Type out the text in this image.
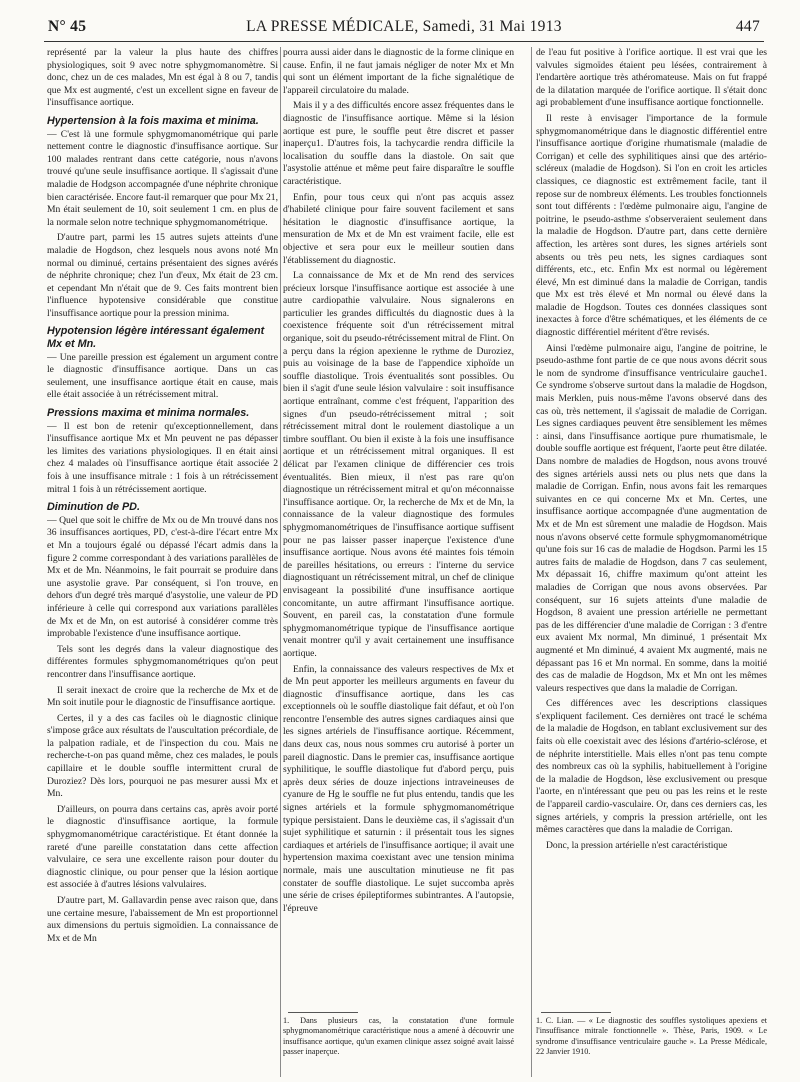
N° 45	LA PRESSE MÉDICALE, Samedi, 31 Mai 1913	447

représenté par la valeur la plus haute des chiffres physiologiques, soit 9 avec notre sphygmomanomètre. Si donc, chez un de ces malades, Mn est égal à 8 ou 7, tandis que Mx est augmenté, c'est un excellent signe en faveur de l'insuffisance aortique.

Hypertension à la fois maxima et minima.

— C'est là une formule sphygmomanométrique qui parle nettement contre le diagnostic d'insuffisance aortique. Sur 100 malades rentrant dans cette catégorie, nous n'avons trouvé qu'une seule insuffisance aortique. Il s'agissait d'une maladie de Hodgson accompagnée d'une néphrite chronique bien caractérisée. Encore faut-il remarquer que pour Mx 21, Mn était seulement de 10, soit seulement 1 cm. en plus de la normale selon notre technique sphygmomanométrique.

D'autre part, parmi les 15 autres sujets atteints d'une maladie de Hogdson, chez lesquels nous avons noté Mn normal ou diminué, certains présentaient des signes avérés de néphrite chronique; chez l'un d'eux, Mx était de 23 cm. et cependant Mn n'était que de 9. Ces faits montrent bien l'influence hypotensive considérable que constitue l'insuffisance aortique pour la pression minima.

Hypotension légère intéressant également Mx et Mn.

— Une pareille pression est également un argument contre le diagnostic d'insuffisance aortique. Dans un cas seulement, une insuffisance aortique était en cause, mais elle était associée à un rétrécissement mitral.

Pressions maxima et minima normales.

— Il est bon de retenir qu'exceptionnellement, dans l'insuffisance aortique Mx et Mn peuvent ne pas dépasser les limites des variations physiologiques. Il en était ainsi chez 4 malades où l'insuffisance aortique était associée 2 fois à une insuffisance mitrale : 1 fois à un rétrécissement mitral 1 fois à un rétrécissement aortique.

Diminution de PD.

— Quel que soit le chiffre de Mx ou de Mn trouvé dans nos 36 insuffisances aortiques, PD, c'est-à-dire l'écart entre Mx et Mn a toujours égalé ou dépassé l'écart admis dans la figure 2 comme correspondant à des variations parallèles de Mx et de Mn. Néanmoins, le fait pourrait se produire dans une asystolie grave. Par conséquent, si l'on trouve, en dehors d'un degré très marqué d'asystolie, une valeur de PD inférieure à celle qui correspond aux variations parallèles de Mx et de Mn, on est autorisé à considérer comme très improbable l'existence d'une insuffisance aortique.

Tels sont les degrés dans la valeur diagnostique des différentes formules sphygmomanométriques qu'on peut rencontrer dans l'insuffisance aortique.

Il serait inexact de croire que la recherche de Mx et de Mn soit inutile pour le diagnostic de l'insuffisance aortique.

Certes, il y a des cas faciles où le diagnostic clinique s'impose grâce aux résultats de l'auscultation précordiale, de la palpation radiale, et de l'inspection du cou. Mais ne recherche-t-on pas quand même, chez ces malades, le pouls capillaire et le double souffle intermittent crural de Duroziez? Dès lors, pourquoi ne pas mesurer aussi Mx et Mn.

D'ailleurs, on pourra dans certains cas, après avoir porté le diagnostic d'insuffisance aortique, la formule sphygmomanométrique caractéristique. Et étant donnée la rareté d'une pareille constatation dans cette affection valvulaire, ce sera une excellente raison pour douter du diagnostic clinique, ou pour penser que la lésion aortique est associée à d'autres lésions valvulaires.

D'autre part, M. Gallavardin pense avec raison que, dans une certaine mesure, l'abaissement de Mn est proportionnel aux dimensions du pertuis sigmoïdien. La connaissance de Mx et de Mn

pourra aussi aider dans le diagnostic de la forme clinique en cause. Enfin, il ne faut jamais négliger de noter Mx et Mn qui sont un élément important de la fiche signalétique de l'appareil circulatoire du malade.

Mais il y a des difficultés encore assez fréquentes dans le diagnostic de l'insuffisance aortique. Même si la lésion aortique est pure, le souffle peut être discret et passer inaperçu1. D'autres fois, la tachycardie rendra difficile la localisation du souffle dans la diastole. On sait que l'asystolie atténue et même peut faire disparaître le souffle caractéristique.

Enfin, pour tous ceux qui n'ont pas acquis assez d'habileté clinique pour faire souvent facilement et sans hésitation le diagnostic d'insuffisance aortique, la mensuration de Mx et de Mn est vraiment facile, elle est objective et sera pour eux le meilleur soutien dans l'établissement du diagnostic.

La connaissance de Mx et de Mn rend des services précieux lorsque l'insuffisance aortique est associée à une autre cardiopathie valvulaire. Nous signalerons en particulier les grandes difficultés du diagnostic dues à la coexistence fréquente soit d'un rétrécissement mitral organique, soit du pseudo-rétrécissement mitral de Flint. On a perçu dans la région apexienne le rythme de Duroziez, puis au voisinage de la base de l'appendice xiphoïde un souffle diastolique. Trois éventualités sont possibles. Ou bien il s'agit d'une seule lésion valvulaire : soit insuffisance aortique entraînant, comme c'est fréquent, l'apparition des signes d'un pseudo-rétrécissement mitral ; soit rétrécissement mitral dont le roulement diastolique a un timbre soufflant. Ou bien il existe à la fois une insuffisance aortique et un rétrécissement mitral organiques. Il est délicat par l'examen clinique de différencier ces trois éventualités. Bien mieux, il n'est pas rare qu'on diagnostique un rétrécissement mitral et qu'on méconnaisse l'insuffisance aortique. Or, la recherche de Mx et de Mn, la connaissance de la valeur diagnostique des formules sphygmomanométriques de l'insuffisance aortique suffisent pour ne pas laisser passer inaperçue l'existence d'une insuffisance aortique. Nous avons été maintes fois témoin de pareilles hésitations, ou erreurs : l'interne du service diagnostiquant un rétrécissement mitral, un chef de clinique envisageant la possibilité d'une insuffisance aortique concomitante, un autre affirmant l'insuffisance aortique. Souvent, en pareil cas, la constatation d'une formule sphygmomanométrique typique de l'insuffisance aortique venait montrer qu'il y avait certainement une insuffisance aortique.

Enfin, la connaissance des valeurs respectives de Mx et de Mn peut apporter les meilleurs arguments en faveur du diagnostic d'insuffisance aortique, dans les cas exceptionnels où le souffle diastolique fait défaut, et où l'on rencontre l'ensemble des autres signes cardiaques ainsi que les signes artériels de l'insuffisance aortique. Récemment, dans deux cas, nous nous sommes cru autorisé à porter un pareil diagnostic. Dans le premier cas, insuffisance aortique syphilitique, le souffle diastolique fut d'abord perçu, puis après deux séries de douze injections intraveineuses de cyanure de Hg le souffle ne fut plus entendu, tandis que les signes artériels et la formule sphygmomanométrique typique persistaient. Dans le deuxième cas, il s'agissait d'un sujet syphilitique et saturnin : il présentait tous les signes cardiaques et artériels de l'insuffisance aortique; il avait une hypertension maxima coexistant avec une tension minima normale, mais une auscultation minutieuse ne fit pas constater de souffle diastolique. Le sujet succomba après une série de crises épileptiformes subintrantes. A l'autopsie, l'épreuve

de l'eau fut positive à l'orifice aortique. Il est vrai que les valvules sigmoïdes étaient peu lésées, contrairement à l'endartère aortique très athéromateuse. Mais on fut frappé de la dilatation marquée de l'orifice aortique. Il s'était donc agi probablement d'une insuffisance aortique fonctionnelle.

Il reste à envisager l'importance de la formule sphygmomanométrique dans le diagnostic différentiel entre l'insuffisance aortique d'origine rhumatismale (maladie de Corrigan) et celle des syphilitiques ainsi que des artério-scléreux (maladie de Hogdson). Si l'on en croit les articles classiques, ce diagnostic est extrêmement facile, tant il repose sur de nombreux éléments. Les troubles fonctionnels sont tout différents : l'œdème pulmonaire aigu, l'angine de poitrine, le pseudo-asthme s'observeraient seulement dans la maladie de Hogdson. D'autre part, dans cette dernière affection, les artères sont dures, les signes artériels sont absents ou très peu nets, les signes cardiaques sont différents, etc., etc. Enfin Mx est normal ou légèrement élevé, Mn est diminué dans la maladie de Corrigan, tandis que Mx est très élevé et Mn normal ou élevé dans la maladie de Hogdson. Toutes ces données classiques sont inexactes à force d'être schématiques, et les éléments de ce diagnostic différentiel méritent d'être revisés.

Ainsi l'œdème pulmonaire aigu, l'angine de poitrine, le pseudo-asthme font partie de ce que nous avons décrit sous le nom de syndrome d'insuffisance ventriculaire gauche1. Ce syndrome s'observe surtout dans la maladie de Hogdson, mais Merklen, puis nous-même l'avons observé dans des cas où, très nettement, il s'agissait de maladie de Corrigan. Les signes cardiaques peuvent être sensiblement les mêmes : ainsi, dans l'insuffisance aortique pure rhumatismale, le double souffle aortique est fréquent, l'aorte peut être dilatée. Dans nombre de maladies de Hogdson, nous avons trouvé des signes artériels aussi nets ou plus nets que dans la maladie de Corrigan. Enfin, nous avons fait les remarques suivantes en ce qui concerne Mx et Mn. Certes, une insuffisance aortique accompagnée d'une augmentation de Mx et de Mn est sûrement une maladie de Hogdson. Mais nous n'avons observé cette formule sphygmomanométrique qu'une fois sur 16 cas de maladie de Hogdson. Parmi les 15 autres faits de maladie de Hogdson, dans 7 cas seulement, Mx dépassait 16, chiffre maximum qu'ont atteint les maladies de Corrigan que nous avons observées. Par conséquent, sur 16 sujets atteints d'une maladie de Hogdson, 8 avaient une pression artérielle ne permettant pas de les différencier d'une maladie de Corrigan : 3 d'entre eux avaient Mx normal, Mn diminué, 1 présentait Mx augmenté et Mn diminué, 4 avaient Mx augmenté, mais ne dépassant pas 16 et Mn normal. En somme, dans la moitié des cas de maladie de Hogdson, Mx et Mn ont les mêmes valeurs respectives que dans la maladie de Corrigan.

Ces différences avec les descriptions classiques s'expliquent facilement. Ces dernières ont tracé le schéma de la maladie de Hogdson, en tablant exclusivement sur des faits où elle coexistait avec des lésions d'artério-sclérose, et de néphrite interstitielle. Mais elles n'ont pas tenu compte des nombreux cas où la syphilis, habituellement à l'origine de la maladie de Hogdson, lèse exclusivement ou presque l'aorte, en n'intéressant que peu ou pas les reins et le reste de l'appareil cardio-vasculaire. Or, dans ces derniers cas, les signes artériels, y compris la pression artérielle, ont les mêmes caractères que dans la maladie de Corrigan.

Donc, la pression artérielle n'est caractéristique

1. Dans plusieurs cas, la constatation d'une formule sphygmomanométrique caractéristique nous a amené à découvrir une insuffisance aortique, qu'un examen clinique assez soigné avait laissé passer inaperçue.
1. C. Lian. — « Le diagnostic des souffles systoliques apexiens et l'insuffisance mitrale fonctionnelle ». Thèse, Paris, 1909. « Le syndrome d'insuffisance ventriculaire gauche ». La Presse Médicale, 22 Janvier 1910.
